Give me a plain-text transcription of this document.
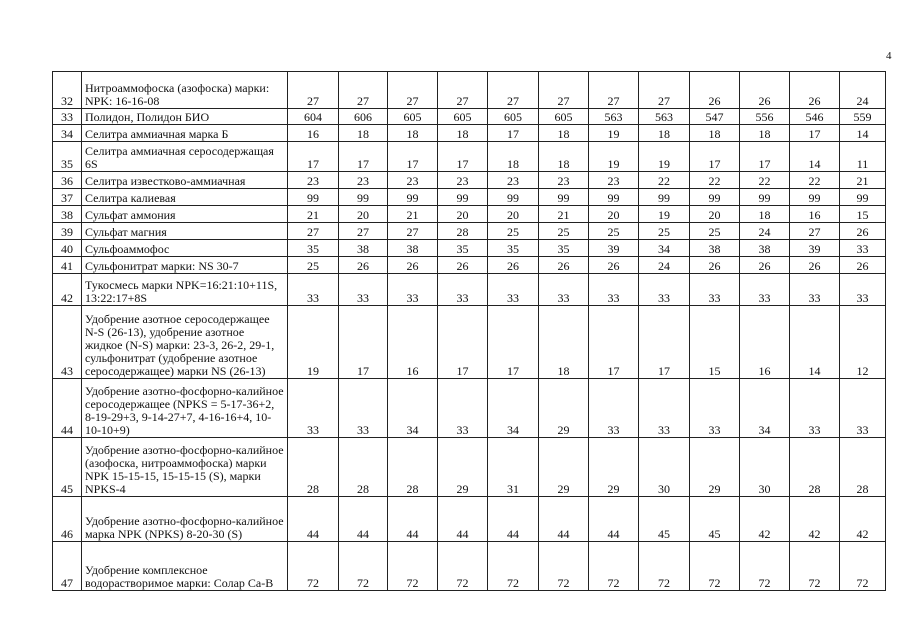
4
32	Нитроаммофоска (азофоска) марки: NPK: 16-16-08	27	27	27	27	27	27	27	27	26	26	26	24
33	Полидон, Полидон БИО	604	606	605	605	605	605	563	563	547	556	546	559
34	Селитра аммиачная марка Б	16	18	18	18	17	18	19	18	18	18	17	14
35	Селитра аммиачная серосодержащая 6S	17	17	17	17	18	18	19	19	17	17	14	11
36	Селитра известково-аммиачная	23	23	23	23	23	23	23	22	22	22	22	21
37	Селитра калиевая	99	99	99	99	99	99	99	99	99	99	99	99
38	Сульфат аммония	21	20	21	20	20	21	20	19	20	18	16	15
39	Сульфат магния	27	27	27	28	25	25	25	25	25	24	27	26
40	Сульфоаммофос	35	38	38	35	35	35	39	34	38	38	39	33
41	Сульфонитрат марки: NS 30-7	25	26	26	26	26	26	26	24	26	26	26	26
42	Тукосмесь марки NPK=16:21:10+11S, 13:22:17+8S	33	33	33	33	33	33	33	33	33	33	33	33
43	Удобрение азотное серосодержащее N-S (26-13), удобрение азотное жидкое (N-S) марки: 23-3, 26-2, 29-1, сульфонитрат (удобрение азотное серосодержащее) марки NS (26-13)	19	17	16	17	17	18	17	17	15	16	14	12
44	Удобрение азотно-фосфорно-калийное серосодержащее (NPKS = 5-17-36+2, 8-19-29+3, 9-14-27+7, 4-16-16+4, 10-10-10+9)	33	33	34	33	34	29	33	33	33	34	33	33
45	Удобрение азотно-фосфорно-калийное (азофоска, нитроаммофоска) марки NPK 15-15-15, 15-15-15 (S), марки NPKS-4	28	28	28	29	31	29	29	30	29	30	28	28
46	Удобрение азотно-фосфорно-калийное марка NPK (NPKS) 8-20-30 (S)	44	44	44	44	44	44	44	45	45	42	42	42
47	Удобрение комплексное водорастворимое марки: Солар Са-В	72	72	72	72	72	72	72	72	72	72	72	72
